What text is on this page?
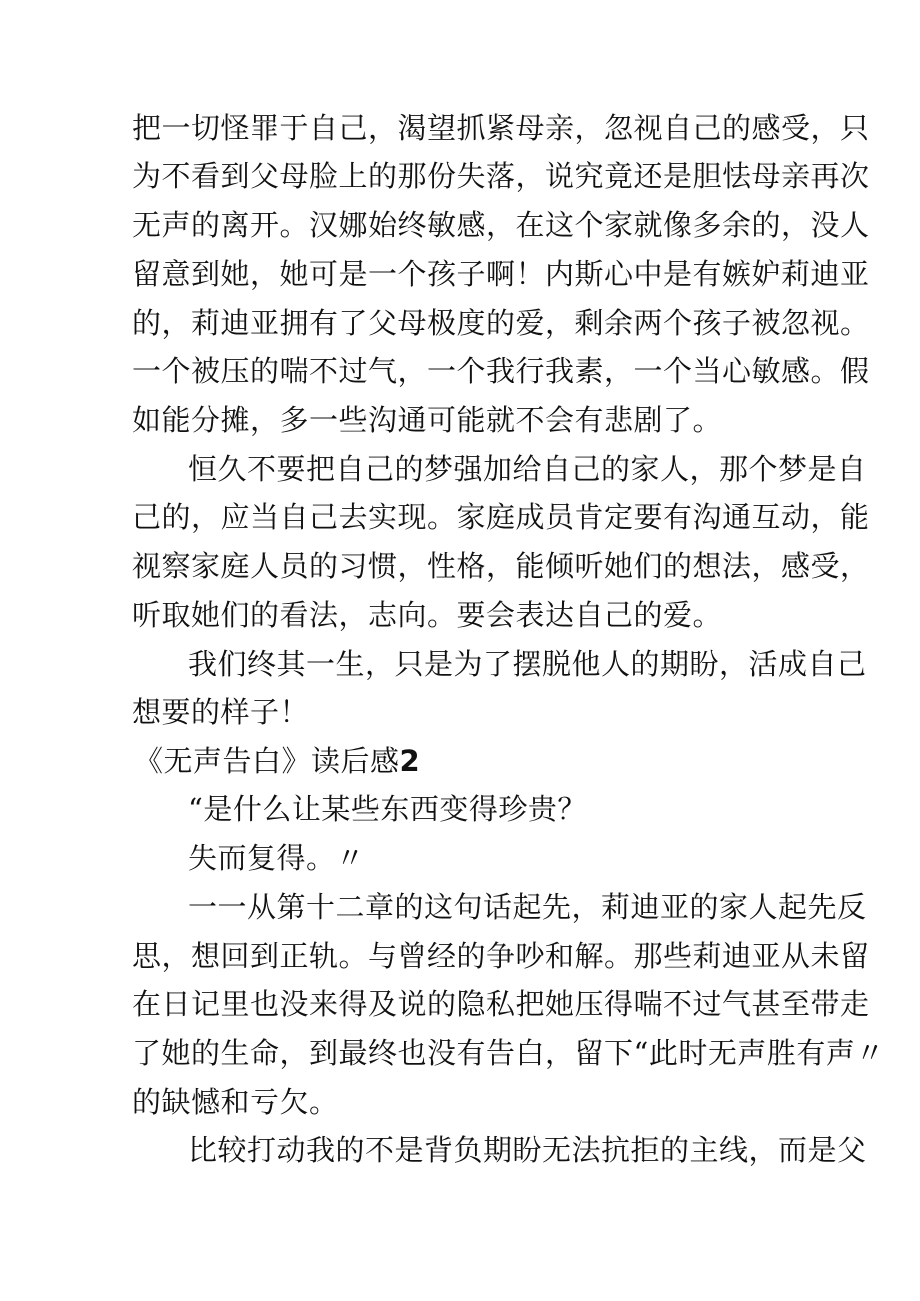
把一切怪罪于自己，渴望抓紧母亲，忽视自己的感受，只
为不看到父母脸上的那份失落，说究竟还是胆怯母亲再次
无声的离开。汉娜始终敏感，在这个家就像多余的，没人
留意到她，她可是一个孩子啊！内斯心中是有嫉妒莉迪亚
的，莉迪亚拥有了父母极度的爱，剩余两个孩子被忽视。
一个被压的喘不过气，一个我行我素，一个当心敏感。假
如能分摊，多一些沟通可能就不会有悲剧了。
恒久不要把自己的梦强加给自己的家人，那个梦是自
己的，应当自己去实现。家庭成员肯定要有沟通互动，能
视察家庭人员的习惯，性格，能倾听她们的想法，感受，
听取她们的看法，志向。要会表达自己的爱。
我们终其一生，只是为了摆脱他人的期盼，活成自己
想要的样子！
《无声告白》读后感2
“是什么让某些东西变得珍贵？
失而复得。〃
一一从第十二章的这句话起先，莉迪亚的家人起先反
思，想回到正轨。与曾经的争吵和解。那些莉迪亚从未留
在日记里也没来得及说的隐私把她压得喘不过气甚至带走
了她的生命，到最终也没有告白，留下“此时无声胜有声〃
的缺憾和亏欠。
比较打动我的不是背负期盼无法抗拒的主线，而是父
